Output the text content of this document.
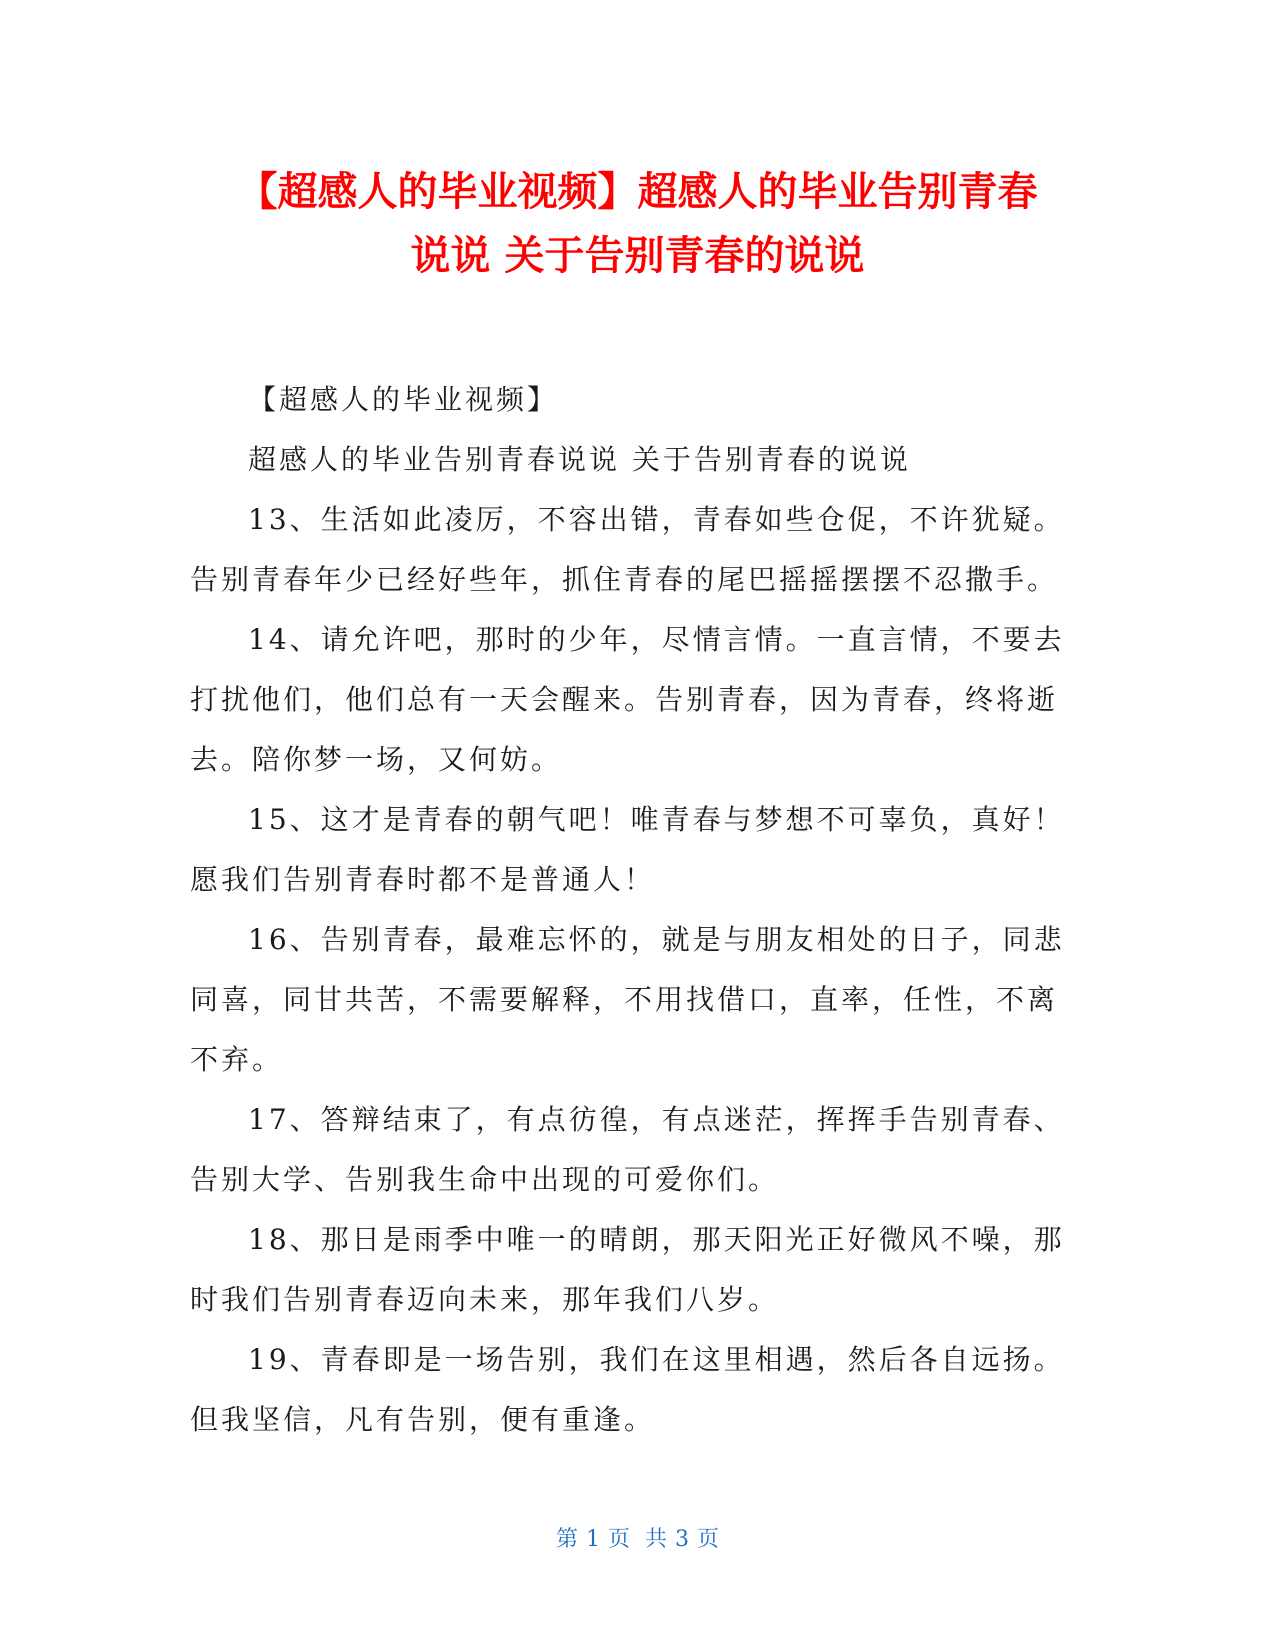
【超感人的毕业视频】超感人的毕业告别青春
说说 关于告别青春的说说

【超感人的毕业视频】

超感人的毕业告别青春说说 关于告别青春的说说

13、生活如此凌厉，不容出错，青春如些仓促，不许犹疑。告别青春年少已经好些年，抓住青春的尾巴摇摇摆摆不忍撒手。

14、请允许吧，那时的少年，尽情言情。一直言情，不要去打扰他们，他们总有一天会醒来。告别青春，因为青春，终将逝去。陪你梦一场，又何妨。

15、这才是青春的朝气吧！唯青春与梦想不可辜负，真好！愿我们告别青春时都不是普通人！

16、告别青春，最难忘怀的，就是与朋友相处的日子，同悲同喜，同甘共苦，不需要解释，不用找借口，直率，任性，不离不弃。

17、答辩结束了，有点彷徨，有点迷茫，挥挥手告别青春、告别大学、告别我生命中出现的可爱你们。

18、那日是雨季中唯一的晴朗，那天阳光正好微风不噪，那时我们告别青春迈向未来，那年我们八岁。

19、青春即是一场告别，我们在这里相遇，然后各自远扬。但我坚信，凡有告别，便有重逢。

第 1 页 共 3 页
